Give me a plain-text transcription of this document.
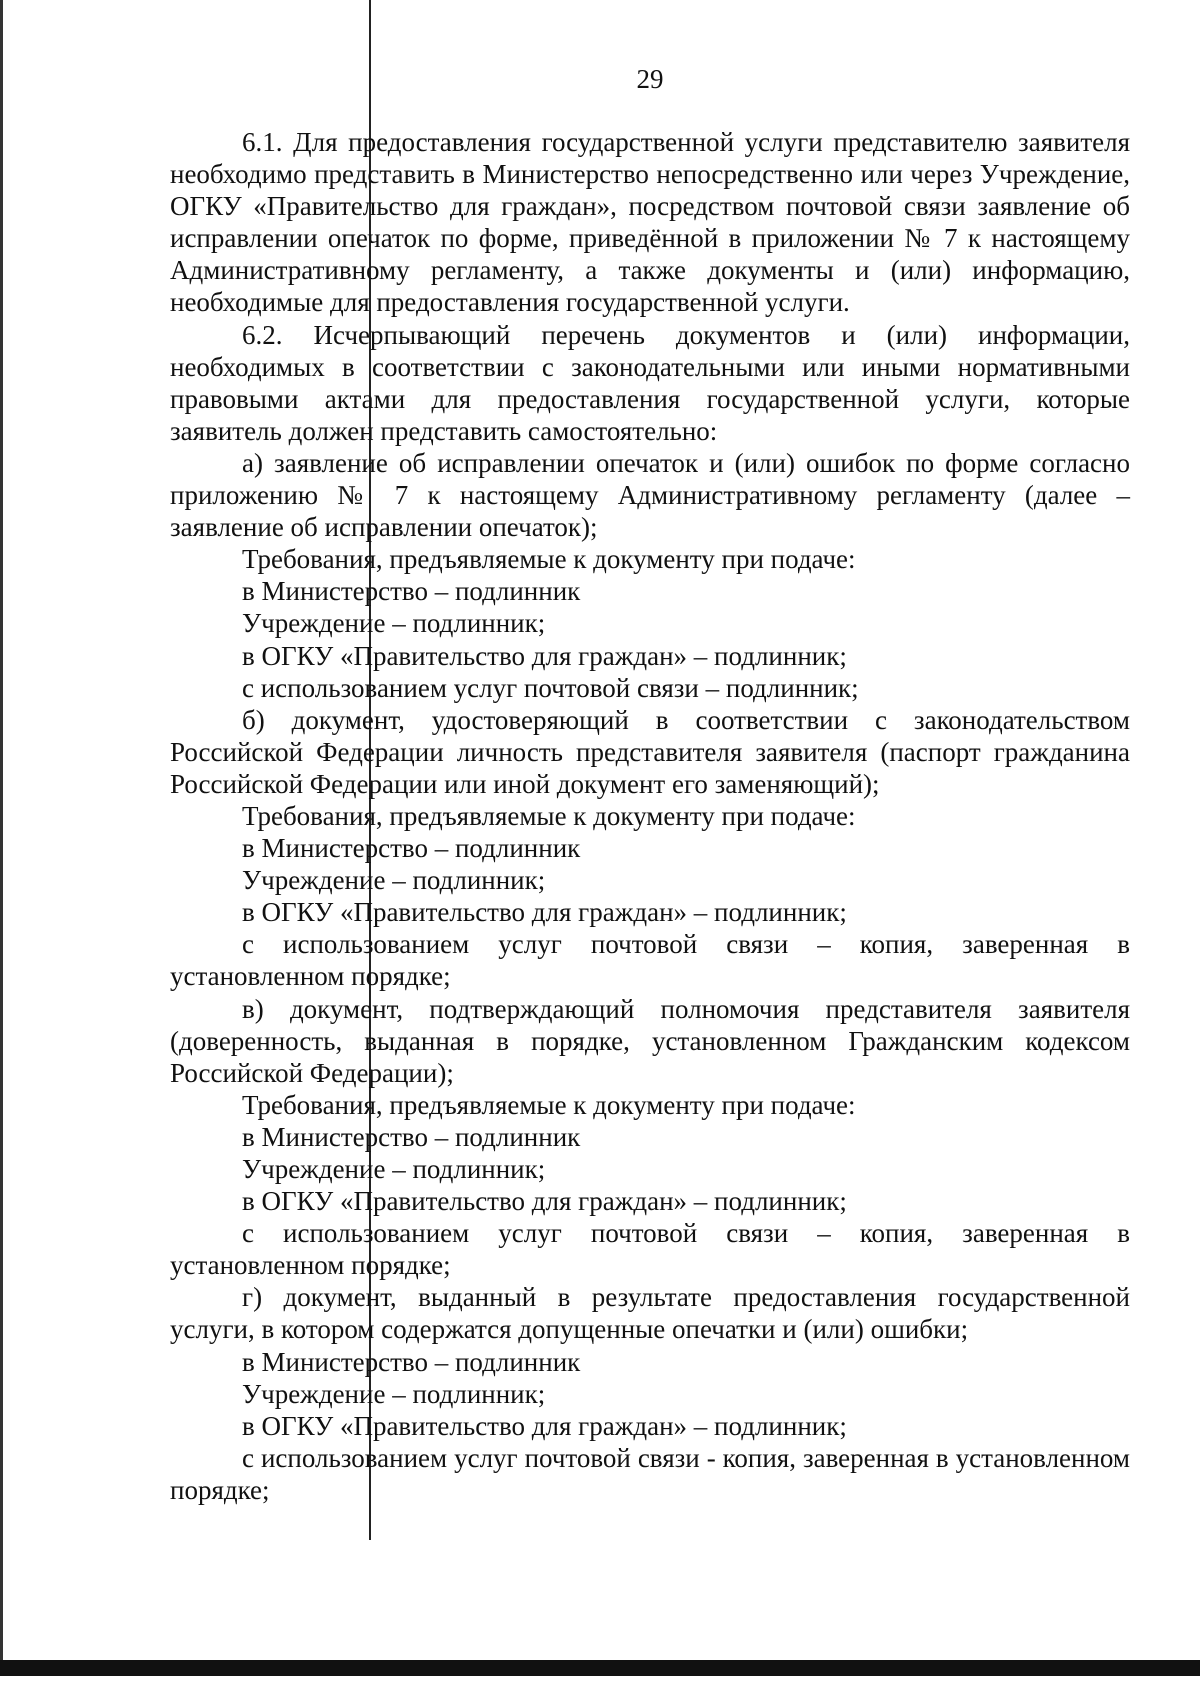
29

6.1. Для предоставления государственной услуги представителю заявителя необходимо представить в Министерство непосредственно или через Учреждение, ОГКУ «Правительство для граждан», посредством почтовой связи заявление об исправлении опечаток по форме, приведённой в приложении № 7 к настоящему Административному регламенту, а также документы и (или) информацию, необходимые для предоставления государственной услуги.

6.2. Исчерпывающий перечень документов и (или) информации, необходимых в соответствии с законодательными или иными нормативными правовыми актами для предоставления государственной услуги, которые заявитель должен представить самостоятельно:

а) заявление об исправлении опечаток и (или) ошибок по форме согласно приложению № 7 к настоящему Административному регламенту (далее – заявление об исправлении опечаток);

Требования, предъявляемые к документу при подаче:

в Министерство – подлинник

Учреждение – подлинник;

в ОГКУ «Правительство для граждан» – подлинник;

с использованием услуг почтовой связи – подлинник;

б) документ, удостоверяющий в соответствии с законодательством Российской Федерации личность представителя заявителя (паспорт гражданина Российской Федерации или иной документ его заменяющий);

Требования, предъявляемые к документу при подаче:

в Министерство – подлинник

Учреждение – подлинник;

в ОГКУ «Правительство для граждан» – подлинник;

с использованием услуг почтовой связи – копия, заверенная в установленном порядке;

в) документ, подтверждающий полномочия представителя заявителя (доверенность, выданная в порядке, установленном Гражданским кодексом Российской Федерации);

Требования, предъявляемые к документу при подаче:

в Министерство – подлинник

Учреждение – подлинник;

в ОГКУ «Правительство для граждан» – подлинник;

с использованием услуг почтовой связи – копия, заверенная в установленном порядке;

г) документ, выданный в результате предоставления государственной услуги, в котором содержатся допущенные опечатки и (или) ошибки;

в Министерство – подлинник

Учреждение – подлинник;

в ОГКУ «Правительство для граждан» – подлинник;

с использованием услуг почтовой связи - копия, заверенная в установленном порядке;
